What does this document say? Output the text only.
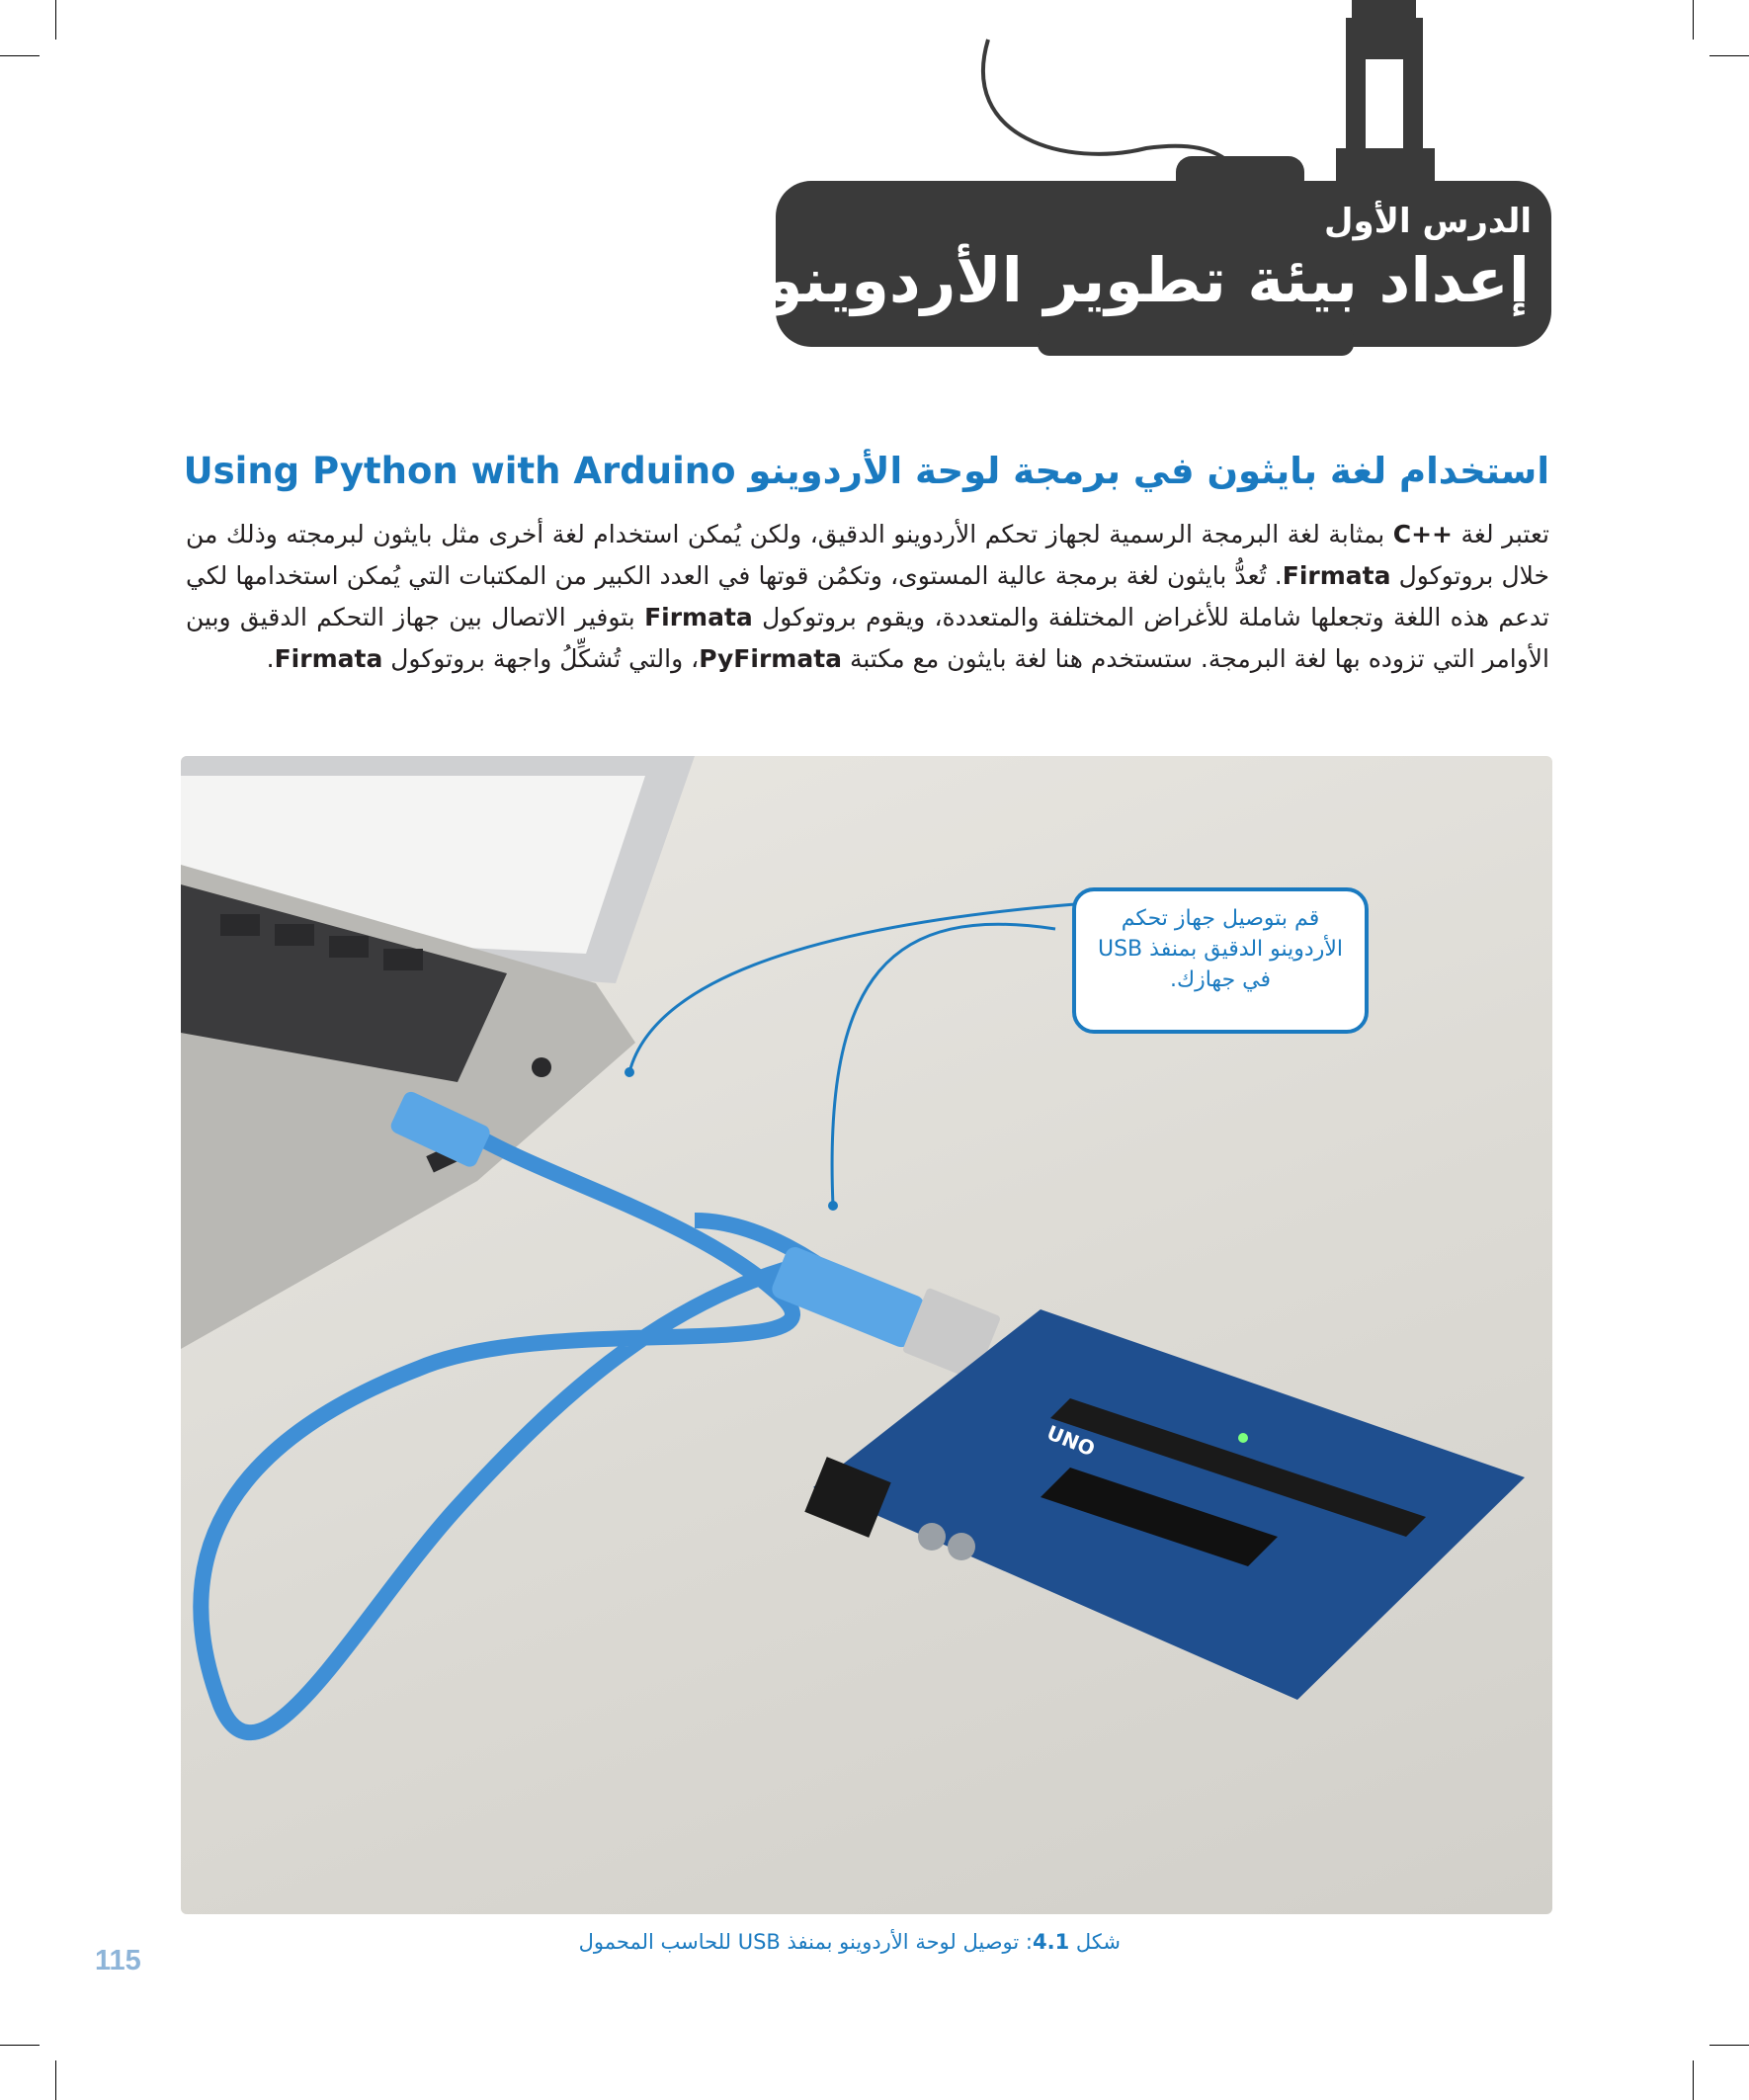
الدرس الأول
إعداد بيئة تطوير الأردوينو
استخدام لغة بايثون في برمجة لوحة الأردوينو Using Python with Arduino
تعتبر لغة C++ بمثابة لغة البرمجة الرسمية لجهاز تحكم الأردوينو الدقيق، ولكن يُمكن استخدام لغة أخرى مثل بايثون لبرمجته وذلك من خلال بروتوكول Firmata. تُعدُّ بايثون لغة برمجة عالية المستوى، وتكمُن قوتها في العدد الكبير من المكتبات التي يُمكن استخدامها لكي تدعم هذه اللغة وتجعلها شاملة للأغراض المختلفة والمتعددة، ويقوم بروتوكول Firmata بتوفير الاتصال بين جهاز التحكم الدقيق وبين الأوامر التي تزوده بها لغة البرمجة. ستستخدم هنا لغة بايثون مع مكتبة PyFirmata، والتي تُشكِّلُ واجهة بروتوكول Firmata.
UNO
قم بتوصيل جهاز تحكم الأردوينو الدقيق بمنفذ USB في جهازك.
شكل 4.1: توصيل لوحة الأردوينو بمنفذ USB للحاسب المحمول
115
